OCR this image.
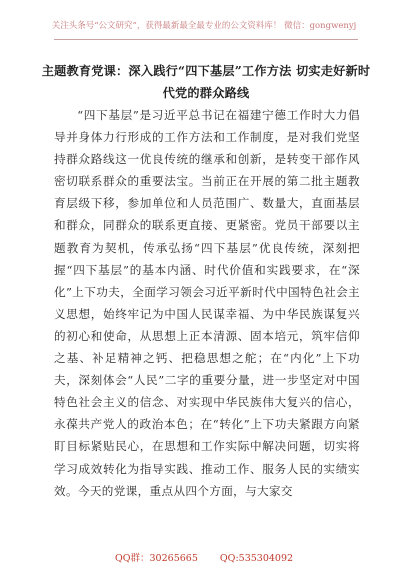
关注头条号“公文研究”，获得最新最全最专业的公文资料库！ 微信：gongwenyj
主题教育党课：深入践行“四下基层”工作方法 切实走好新时代党的群众路线
“四下基层”是习近平总书记在福建宁德工作时大力倡导并身体力行形成的工作方法和工作制度，是对我们党坚持群众路线这一优良传统的继承和创新，是转变干部作风密切联系群众的重要法宝。当前正在开展的第二批主题教育层级下移，参加单位和人员范围广、数量大，直面基层和群众，同群众的联系更直接、更紧密。党员干部要以主题教育为契机，传承弘扬“四下基层”优良传统，深刻把握“四下基层”的基本内涵、时代价值和实践要求，在“深化”上下功夫，全面学习领会习近平新时代中国特色社会主义思想，始终牢记为中国人民谋幸福、为中华民族谋复兴的初心和使命，从思想上正本清源、固本培元，筑牢信仰之基、补足精神之钙、把稳思想之舵；在“内化”上下功夫，深刻体会“人民”二字的重要分量，进一步坚定对中国特色社会主义的信念、对实现中华民族伟大复兴的信心，永葆共产党人的政治本色；在“转化”上下功夫紧跟方向紧盯目标紧贴民心，在思想和工作实际中解决问题，切实将学习成效转化为指导实践、推动工作、服务人民的实绩实效。今天的党课，重点从四个方面，与大家交
QQ群：30265665 QQ:535304092
